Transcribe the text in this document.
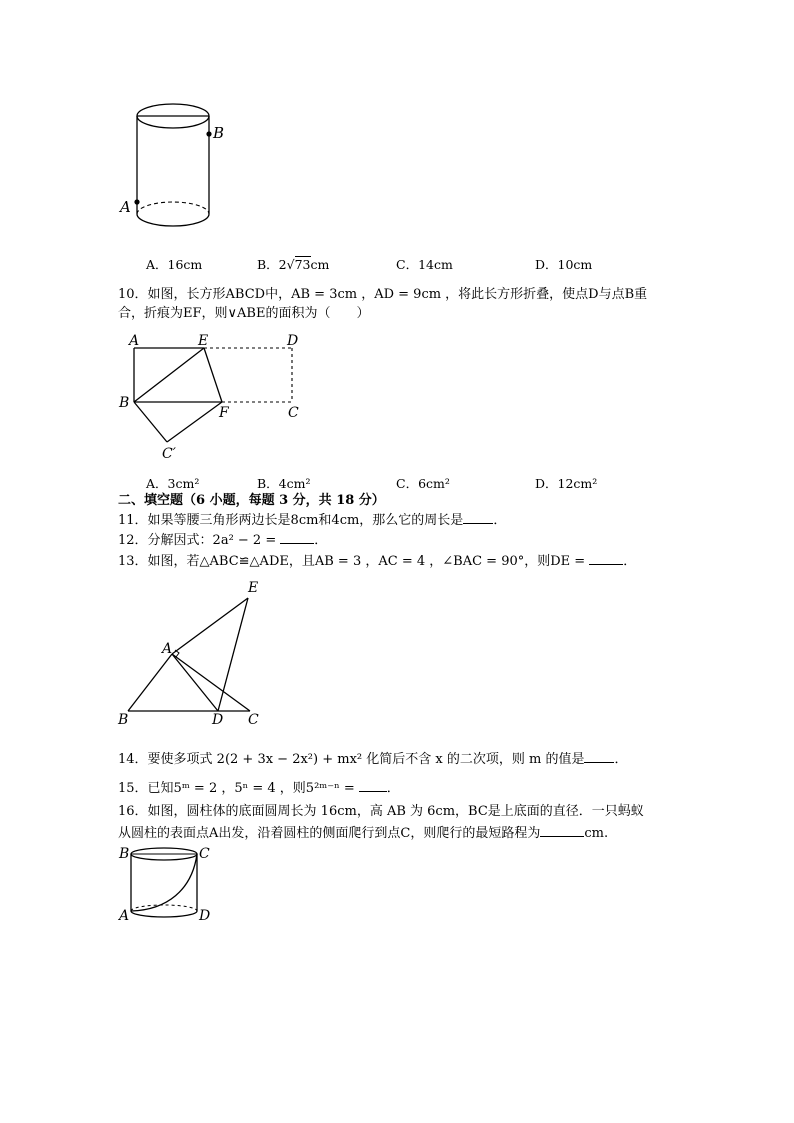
B
A
A．16cm	B．2√73cm	C．14cm	D．10cm
10．如图，长方形ABCD中，AB = 3cm ，AD = 9cm ，将此长方形折叠，使点D与点B重
合，折痕为EF，则∨ABE的面积为（　　）
A	E	D
B
F	C
C′
A．3cm²	B．4cm²	C．6cm²	D．12cm²
二、填空题（6 小题，每题 3 分，共 18 分）
11．如果等腰三角形两边长是8cm和4cm，那么它的周长是 ．
12．分解因式：2a² − 2 =	．
13．如图，若△ABC≌△ADE，且AB = 3 ，AC = 4 ，∠BAC = 90°，则DE =	．
E
A
B	D C
14．要使多项式 2(2 + 3x − 2x²) + mx² 化简后不含 x 的二次项，则 m 的值是 ．
15．已知5ᵐ = 2 ，5ⁿ = 4 ，则5²ᵐ⁻ⁿ = ．
16．如图，圆柱体的底面圆周长为 16cm，高 AB 为 6cm，BC是上底面的直径．一只蚂蚁
从圆柱的表面点A出发，沿着圆柱的侧面爬行到点C，则爬行的最短路程为	cm.
B	C
A	D
